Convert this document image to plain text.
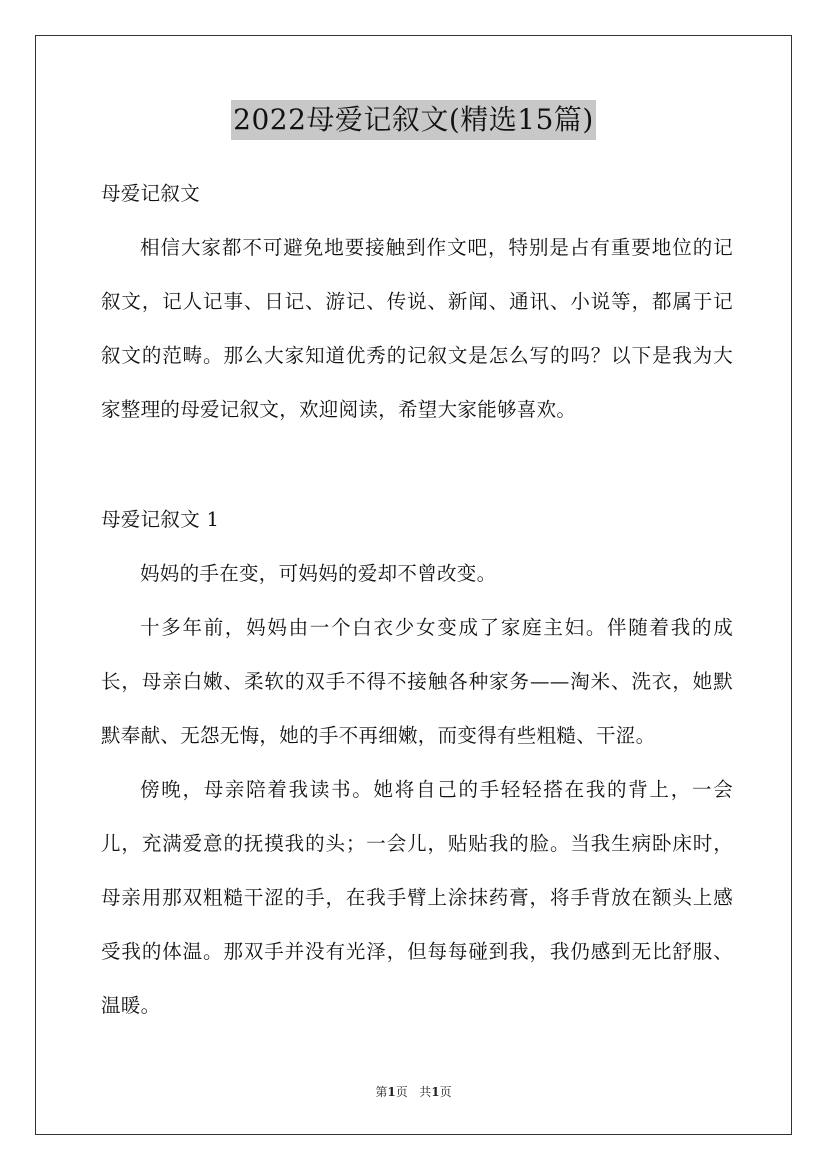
2022母爱记叙文(精选15篇)

母爱记叙文

相信大家都不可避免地要接触到作文吧，特别是占有重要地位的记叙文，记人记事、日记、游记、传说、新闻、通讯、小说等，都属于记叙文的范畴。那么大家知道优秀的记叙文是怎么写的吗？以下是我为大家整理的母爱记叙文，欢迎阅读，希望大家能够喜欢。

母爱记叙文 1

妈妈的手在变，可妈妈的爱却不曾改变。

十多年前，妈妈由一个白衣少女变成了家庭主妇。伴随着我的成长，母亲白嫩、柔软的双手不得不接触各种家务——淘米、洗衣，她默默奉献、无怨无悔，她的手不再细嫩，而变得有些粗糙、干涩。

傍晚，母亲陪着我读书。她将自己的手轻轻搭在我的背上，一会儿，充满爱意的抚摸我的头；一会儿，贴贴我的脸。当我生病卧床时，母亲用那双粗糙干涩的手，在我手臂上涂抹药膏，将手背放在额头上感受我的体温。那双手并没有光泽，但每每碰到我，我仍感到无比舒服、温暖。

第1页 共1页
